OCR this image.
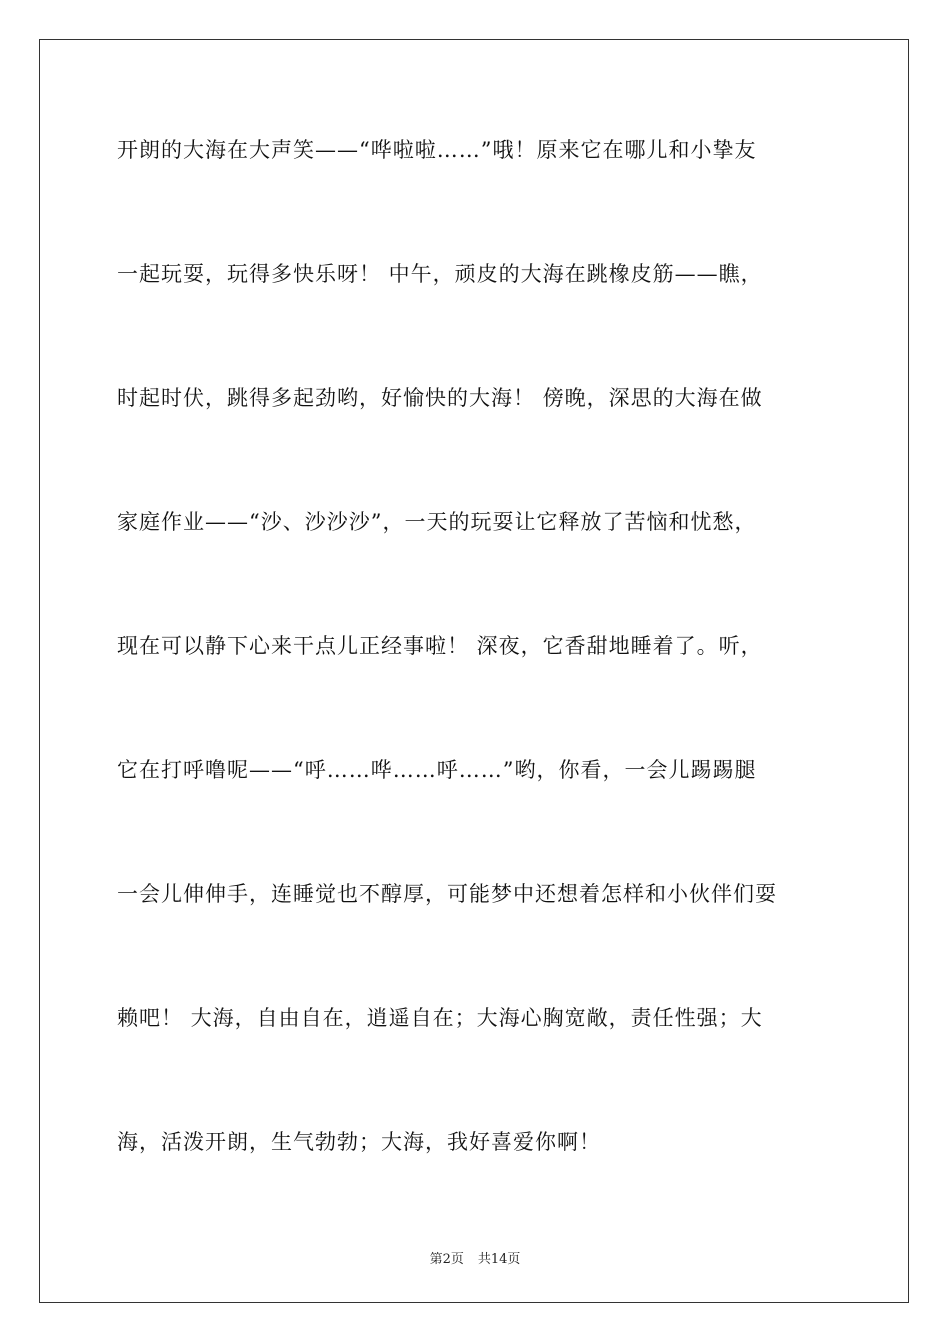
开朗的大海在大声笑——“哗啦啦……”哦！原来它在哪儿和小挚友
一起玩耍，玩得多快乐呀！ 中午，顽皮的大海在跳橡皮筋——瞧，
时起时伏，跳得多起劲哟，好愉快的大海！ 傍晚，深思的大海在做
家庭作业——“沙、沙沙沙”，一天的玩耍让它释放了苦恼和忧愁，
现在可以静下心来干点儿正经事啦！ 深夜，它香甜地睡着了。听，
它在打呼噜呢——“呼……哗……呼……”哟，你看，一会儿踢踢腿
一会儿伸伸手，连睡觉也不醇厚，可能梦中还想着怎样和小伙伴们耍
赖吧！ 大海，自由自在，逍遥自在；大海心胸宽敞，责任性强；大
海，活泼开朗，生气勃勃；大海，我好喜爱你啊！
第2页 共14页
